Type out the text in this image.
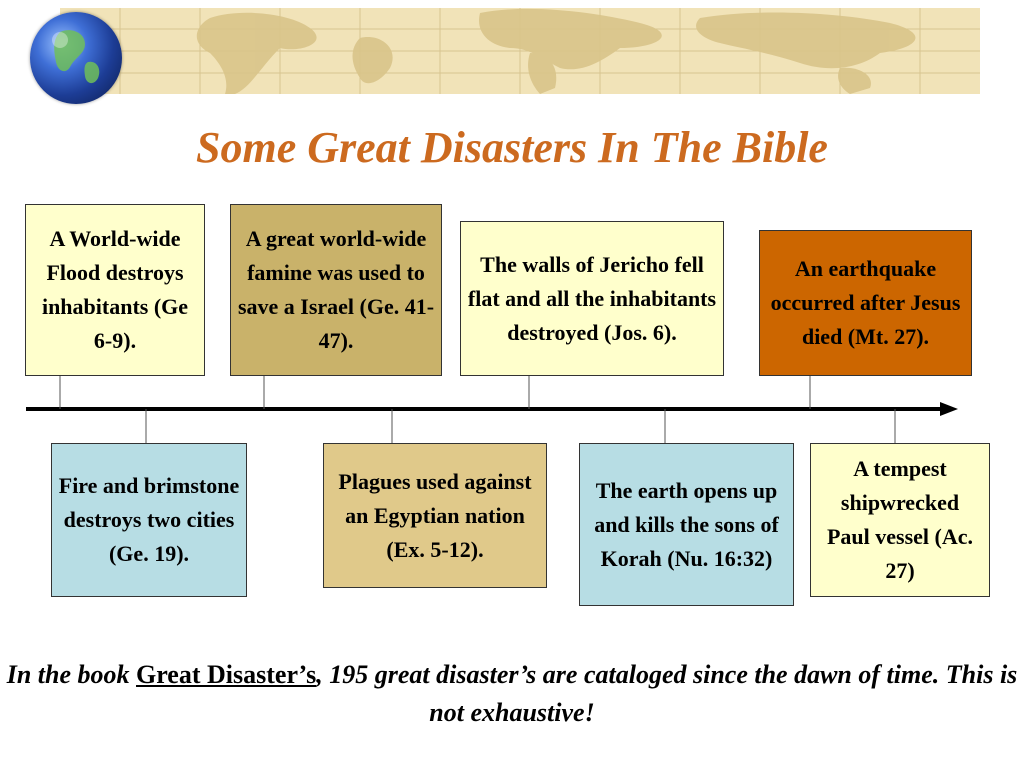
Some Great Disasters In The Bible
A World-wide Flood destroys inhabitants (Ge 6-9).
A great world-wide famine was used to save a Israel (Ge. 41-47).
The walls of Jericho fell flat and all the inhabitants destroyed (Jos. 6).
An earthquake occurred after Jesus died (Mt. 27).
Fire and brimstone destroys two cities (Ge. 19).
Plagues used against an Egyptian nation (Ex. 5-12).
The earth opens up and kills the sons of Korah (Nu. 16:32)
A tempest shipwrecked Paul vessel (Ac. 27)
In the book Great Disaster’s, 195 great disaster’s are cataloged since the dawn of time. This is not exhaustive!
